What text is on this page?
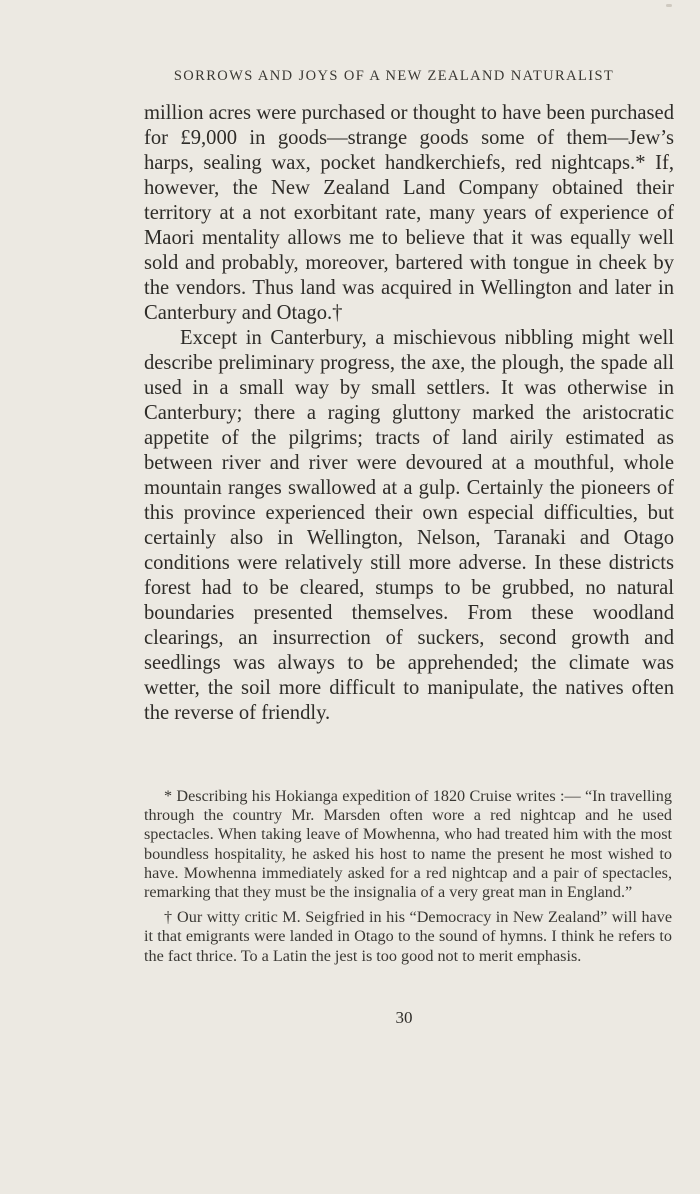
SORROWS AND JOYS OF A NEW ZEALAND NATURALIST

million acres were purchased or thought to have been purchased for £9,000 in goods—strange goods some of them—Jew’s harps, sealing wax, pocket handkerchiefs, red nightcaps.* If, however, the New Zealand Land Company obtained their territory at a not exorbitant rate, many years of experience of Maori mentality allows me to believe that it was equally well sold and probably, moreover, bartered with tongue in cheek by the vendors. Thus land was acquired in Wellington and later in Canterbury and Otago.†

Except in Canterbury, a mischievous nibbling might well describe preliminary progress, the axe, the plough, the spade all used in a small way by small settlers. It was otherwise in Canterbury; there a raging gluttony marked the aristocratic appetite of the pilgrims; tracts of land airily estimated as between river and river were devoured at a mouthful, whole mountain ranges swallowed at a gulp. Certainly the pioneers of this province experienced their own especial difficulties, but certainly also in Wellington, Nelson, Taranaki and Otago conditions were relatively still more adverse. In these districts forest had to be cleared, stumps to be grubbed, no natural boundaries presented themselves. From these woodland clearings, an insurrection of suckers, second growth and seedlings was always to be apprehended; the climate was wetter, the soil more difficult to manipulate, the natives often the reverse of friendly.

* Describing his Hokianga expedition of 1820 Cruise writes :— “In travelling through the country Mr. Marsden often wore a red nightcap and he used spectacles. When taking leave of Mowhenna, who had treated him with the most boundless hospitality, he asked his host to name the present he most wished to have. Mowhenna immediately asked for a red nightcap and a pair of spectacles, remarking that they must be the insignalia of a very great man in England.”

† Our witty critic M. Seigfried in his “Democracy in New Zealand” will have it that emigrants were landed in Otago to the sound of hymns. I think he refers to the fact thrice. To a Latin the jest is too good not to merit emphasis.

30
